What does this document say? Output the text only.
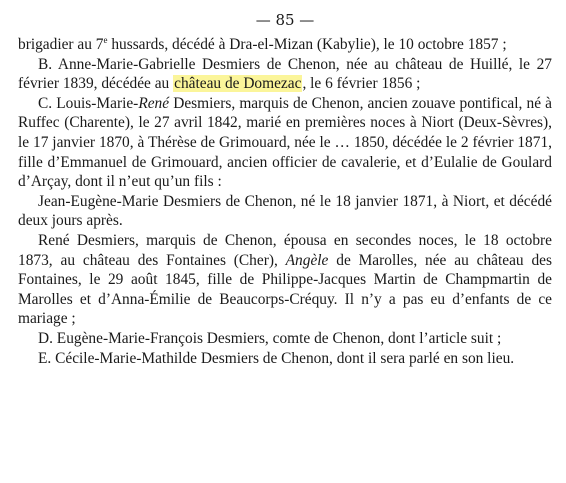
— 85 —

brigadier au 7e hussards, décédé à Dra-el-Mizan (Kabylie), le 10 octobre 1857 ;

B. Anne-Marie-Gabrielle Desmiers de Chenon, née au château de Huillé, le 27 février 1839, décédée au château de Domezac, le 6 février 1856 ;

C. Louis-Marie-René Desmiers, marquis de Chenon, ancien zouave pontifical, né à Ruffec (Charente), le 27 avril 1842, marié en premières noces à Niort (Deux-Sèvres), le 17 janvier 1870, à Thérèse de Grimouard, née le … 1850, décédée le 2 février 1871, fille d’Emmanuel de Grimouard, ancien officier de cavalerie, et d’Eulalie de Goulard d’Arçay, dont il n’eut qu’un fils :

Jean-Eugène-Marie Desmiers de Chenon, né le 18 janvier 1871, à Niort, et décédé deux jours après.

René Desmiers, marquis de Chenon, épousa en secondes noces, le 18 octobre 1873, au château des Fontaines (Cher), Angèle de Marolles, née au château des Fontaines, le 29 août 1845, fille de Philippe-Jacques Martin de Champmartin de Marolles et d’Anna-Émilie de Beaucorps-Créquy. Il n’y a pas eu d’enfants de ce mariage ;

D. Eugène-Marie-François Desmiers, comte de Chenon, dont l’article suit ;

E. Cécile-Marie-Mathilde Desmiers de Chenon, dont il sera parlé en son lieu.
